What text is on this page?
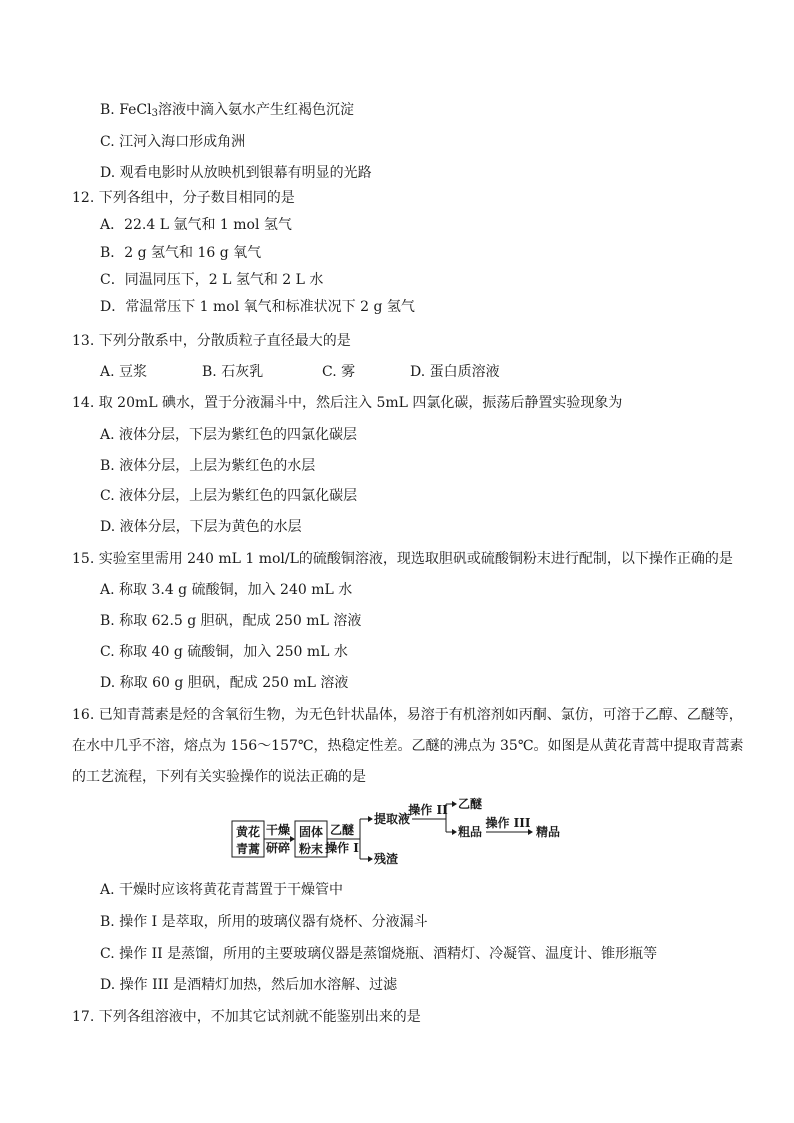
B. FeCl$_3$溶液中滴入氨水产生红褐色沉淀
C. 江河入海口形成角洲
D. 观看电影时从放映机到银幕有明显的光路
12. 下列各组中，分子数目相同的是
A．22.4 L 氩气和 1 mol 氢气
B．2 g 氢气和 16 g 氧气
C．同温同压下，2 L 氢气和 2 L 水
D．常温常压下 1 mol 氧气和标准状况下 2 g 氢气
13. 下列分散系中，分散质粒子直径最大的是
A. 豆浆	B. 石灰乳	C. 雾	D. 蛋白质溶液
14. 取 20mL 碘水，置于分液漏斗中，然后注入 5mL 四氯化碳，振荡后静置实验现象为
A. 液体分层，下层为紫红色的四氯化碳层
B. 液体分层，上层为紫红色的水层
C. 液体分层，上层为紫红色的四氯化碳层
D. 液体分层，下层为黄色的水层
15. 实验室里需用 240 mL 1 mol/L的硫酸铜溶液，现选取胆矾或硫酸铜粉末进行配制，以下操作正确的是
A. 称取 3.4 g 硫酸铜，加入 240 mL 水
B. 称取 62.5 g 胆矾，配成 250 mL 溶液
C. 称取 40 g 硫酸铜，加入 250 mL 水
D. 称取 60 g 胆矾，配成 250 mL 溶液
16. 已知青蒿素是烃的含氧衍生物，为无色针状晶体，易溶于有机溶剂如丙酮、氯仿，可溶于乙醇、乙醚等，
在水中几乎不溶，熔点为 156～157℃，热稳定性差。乙醚的沸点为 35℃。如图是从黄花青蒿中提取青蒿素
的工艺流程，下列有关实验操作的说法正确的是
黄花
青蒿
干燥
研碎
固体
粉末
乙醚
操作 I
提取液
残渣
操作 II 乙醚
粗品
操作 III
精品
A. 干燥时应该将黄花青蒿置于干燥管中
B. 操作 I 是萃取，所用的玻璃仪器有烧杯、分液漏斗
C. 操作 II 是蒸馏，所用的主要玻璃仪器是蒸馏烧瓶、酒精灯、冷凝管、温度计、锥形瓶等
D. 操作 III 是酒精灯加热，然后加水溶解、过滤
17. 下列各组溶液中，不加其它试剂就不能鉴别出来的是
